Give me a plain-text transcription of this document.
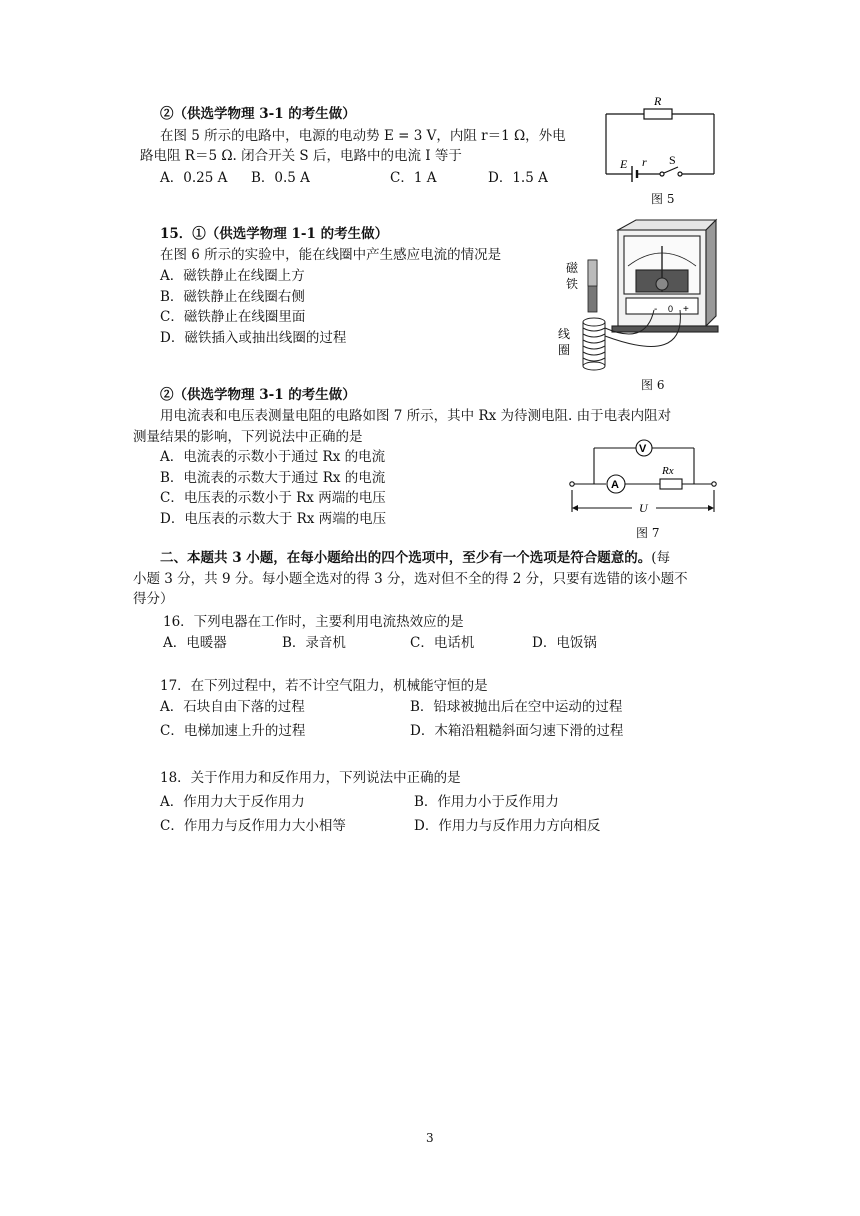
②（供选学物理 3-1 的考生做）
在图 5 所示的电路中，电源的电动势 E = 3 V，内阻 r＝1 Ω，外电
路电阻 R＝5 Ω. 闭合开关 S 后，电路中的电流 I 等于
A．0.25 A B．0.5 A	C．1 A	D．1.5 A
R
E r S
图 5
15．①（供选学物理 1-1 的考生做）
在图 6 所示的实验中，能在线圈中产生感应电流的情况是
A．磁铁静止在线圈上方
B．磁铁静止在线圈右侧
C．磁铁静止在线圈里面
D．磁铁插入或抽出线圈的过程
- 0 +
磁
铁
线
圈
图 6
②（供选学物理 3-1 的考生做）
用电流表和电压表测量电阻的电路如图 7 所示，其中 Rx 为待测电阻. 由于电表内阻对
测量结果的影响，下列说法中正确的是
A．电流表的示数小于通过 Rx 的电流
B．电流表的示数大于通过 Rx 的电流
C．电压表的示数小于 Rx 两端的电压
D．电压表的示数大于 Rx 两端的电压
V
A
Rx
U
图 7
二、本题共 3 小题，在每小题给出的四个选项中，至少有一个选项是符合题意的。(每
小题 3 分，共 9 分。每小题全选对的得 3 分，选对但不全的得 2 分，只要有选错的该小题不
得分）
16．下列电器在工作时，主要利用电流热效应的是
A．电暖器	B．录音机	C．电话机	D．电饭锅
17．在下列过程中，若不计空气阻力，机械能守恒的是
A．石块自由下落的过程	B．铅球被抛出后在空中运动的过程
C．电梯加速上升的过程	D．木箱沿粗糙斜面匀速下滑的过程
18．关于作用力和反作用力，下列说法中正确的是
A．作用力大于反作用力	B．作用力小于反作用力
C．作用力与反作用力大小相等	D．作用力与反作用力方向相反
3
